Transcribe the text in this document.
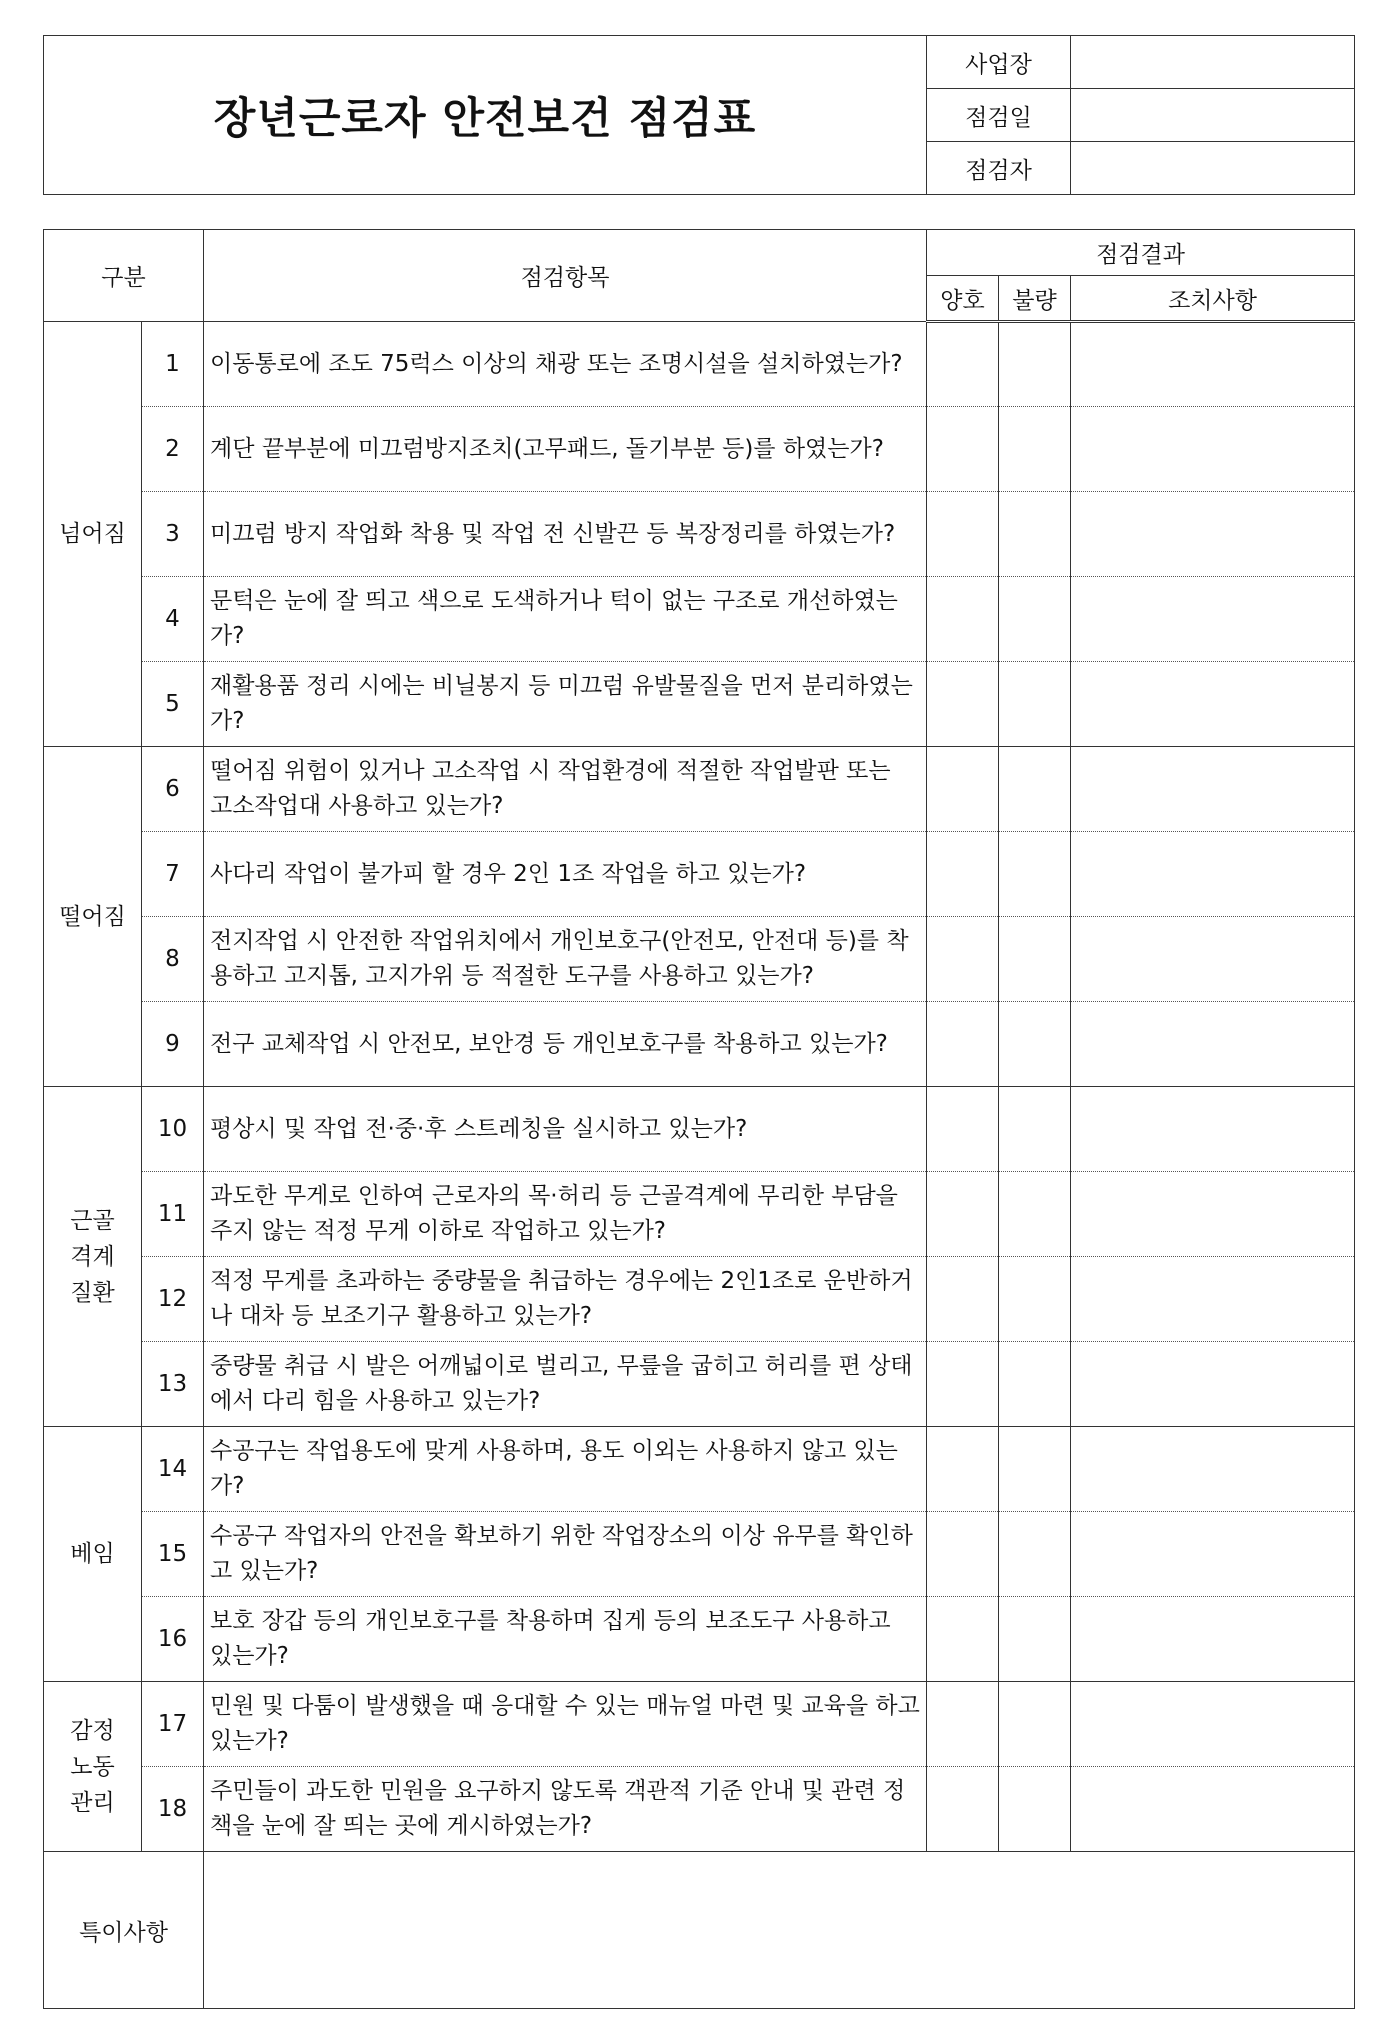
장년근로자 안전보건 점검표	사업장	
	점검일	
	점검자	
구분		점검항목	점검결과		
			양호	불량	조치사항
넘어짐	1	이동통로에 조도 75럭스 이상의 채광 또는 조명시설을 설치하였는가?			
	2	계단 끝부분에 미끄럼방지조치(고무패드, 돌기부분 등)를 하였는가?			
	3	미끄럼 방지 작업화 착용 및 작업 전 신발끈 등 복장정리를 하였는가?			
	4	문턱은 눈에 잘 띄고 색으로 도색하거나 턱이 없는 구조로 개선하였는가?			
	5	재활용품 정리 시에는 비닐봉지 등 미끄럼 유발물질을 먼저 분리하였는가?			
떨어짐	6	떨어짐 위험이 있거나 고소작업 시 작업환경에 적절한 작업발판 또는 고소작업대 사용하고 있는가?			
	7	사다리 작업이 불가피 할 경우 2인 1조 작업을 하고 있는가?			
	8	전지작업 시 안전한 작업위치에서 개인보호구(안전모, 안전대 등)를 착용하고 고지톱, 고지가위 등 적절한 도구를 사용하고 있는가?			
	9	전구 교체작업 시 안전모, 보안경 등 개인보호구를 착용하고 있는가?			
근골
격계
질환	10	평상시 및 작업 전·중·후 스트레칭을 실시하고 있는가?			
	11	과도한 무게로 인하여 근로자의 목·허리 등 근골격계에 무리한 부담을 주지 않는 적정 무게 이하로 작업하고 있는가?			
	12	적정 무게를 초과하는 중량물을 취급하는 경우에는 2인1조로 운반하거나 대차 등 보조기구 활용하고 있는가?			
	13	중량물 취급 시 발은 어깨넓이로 벌리고, 무릎을 굽히고 허리를 편 상태에서 다리 힘을 사용하고 있는가?			
베임	14	수공구는 작업용도에 맞게 사용하며, 용도 이외는 사용하지 않고 있는가?			
	15	수공구 작업자의 안전을 확보하기 위한 작업장소의 이상 유무를 확인하고 있는가?			
	16	보호 장갑 등의 개인보호구를 착용하며 집게 등의 보조도구 사용하고 있는가?			
감정
노동
관리	17	민원 및 다툼이 발생했을 때 응대할 수 있는 매뉴얼 마련 및 교육을 하고 있는가?			
	18	주민들이 과도한 민원을 요구하지 않도록 객관적 기준 안내 및 관련 정책을 눈에 잘 띄는 곳에 게시하였는가?			
특이사항					
